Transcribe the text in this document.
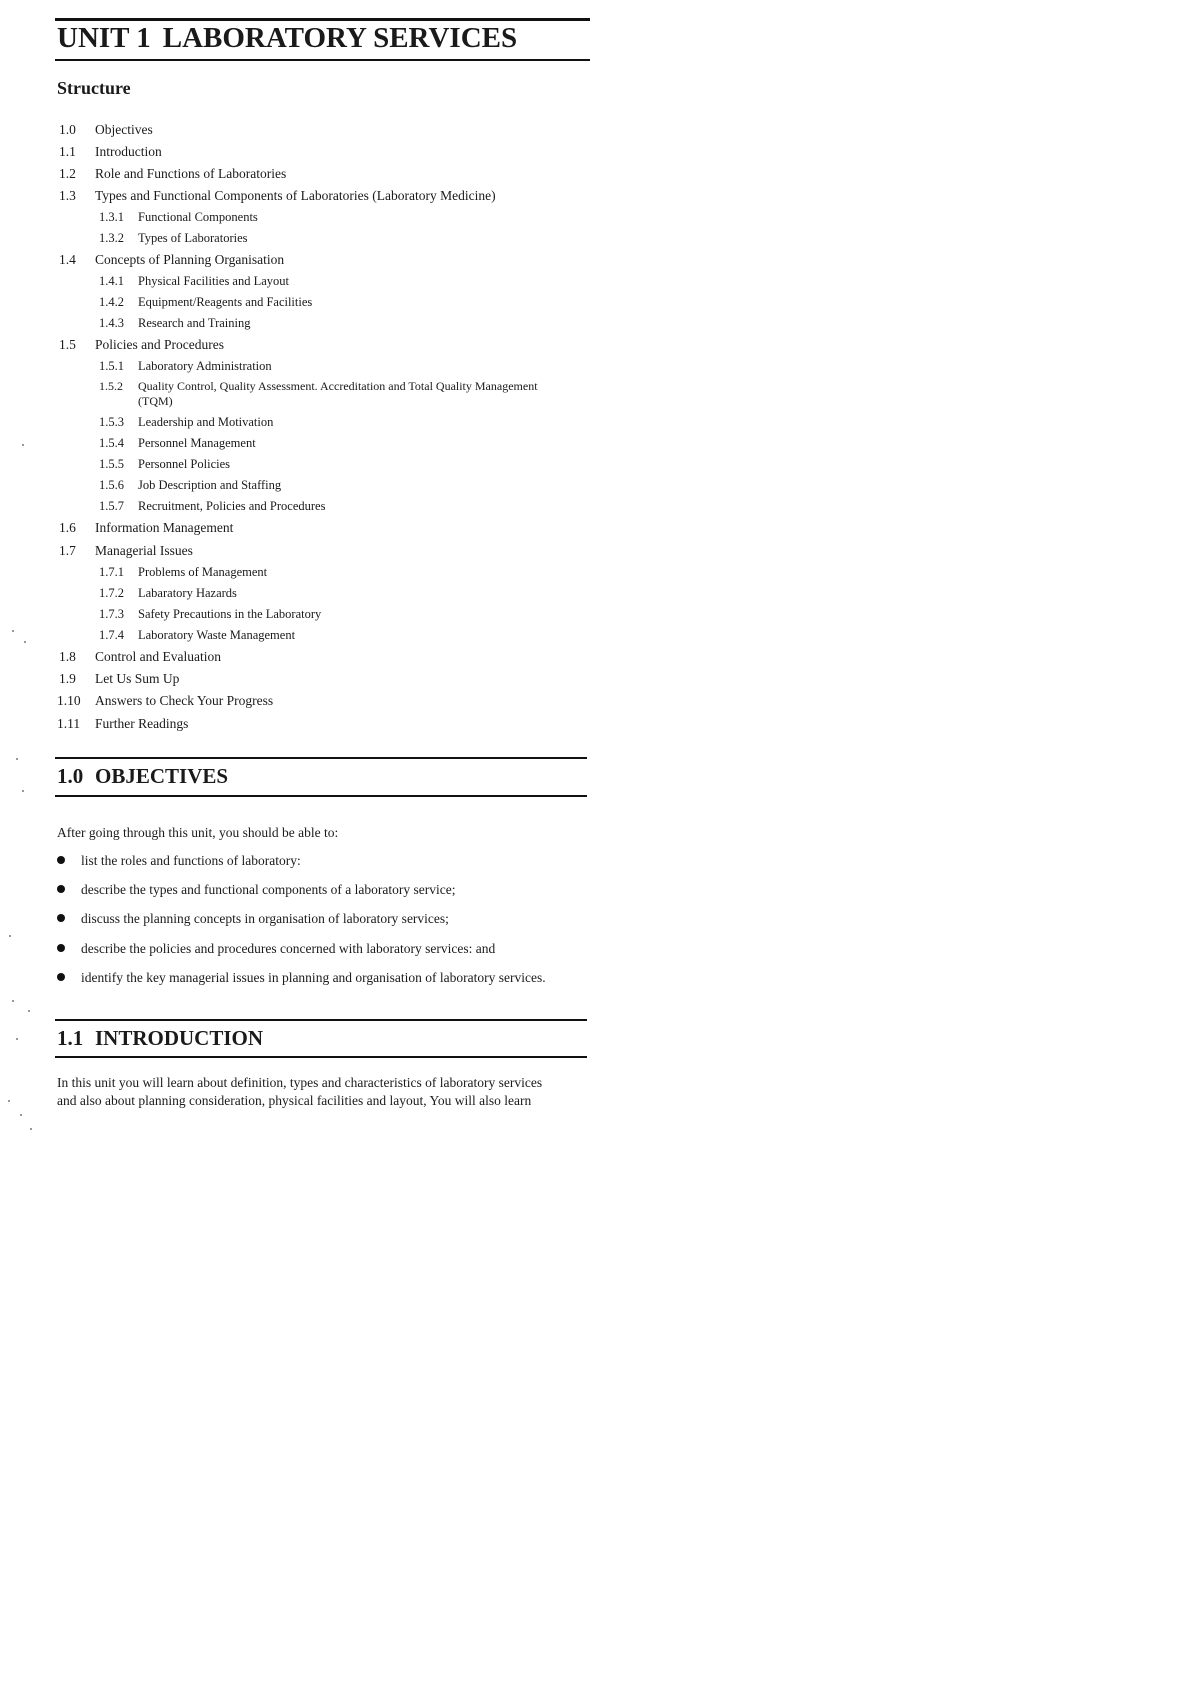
UNIT 1 LABORATORY SERVICES
Structure
1.0 Objectives
1.1 Introduction
1.2 Role and Functions of Laboratories
1.3 Types and Functional Components of Laboratories (Laboratory Medicine)
1.3.1 Functional Components
1.3.2 Types of Laboratories
1.4 Concepts of Planning Organisation
1.4.1 Physical Facilities and Layout
1.4.2 Equipment/Reagents and Facilities
1.4.3 Research and Training
1.5 Policies and Procedures
1.5.1 Laboratory Administration
1.5.2 Quality Control, Quality Assessment. Accreditation and Total Quality Management
(TQM)
1.5.3 Leadership and Motivation
1.5.4 Personnel Management
1.5.5 Personnel Policies
1.5.6 Job Description and Staffing
1.5.7 Recruitment, Policies and Procedures
1.6 Information Management
1.7 Managerial Issues
1.7.1 Problems of Management
1.7.2 Labaratory Hazards
1.7.3 Safety Precautions in the Laboratory
1.7.4 Laboratory Waste Management
1.8 Control and Evaluation
1.9 Let Us Sum Up
1.10 Answers to Check Your Progress
1.11 Further Readings
1.0 OBJECTIVES
After going through this unit, you should be able to:
list the roles and functions of laboratory:
describe the types and functional components of a laboratory service;
discuss the planning concepts in organisation of laboratory services;
describe the policies and procedures concerned with laboratory services: and
identify the key managerial issues in planning and organisation of laboratory services.
1.1 INTRODUCTION
In this unit you will learn about definition, types and characteristics of laboratory services
and also about planning consideration, physical facilities and layout, You will also learn
